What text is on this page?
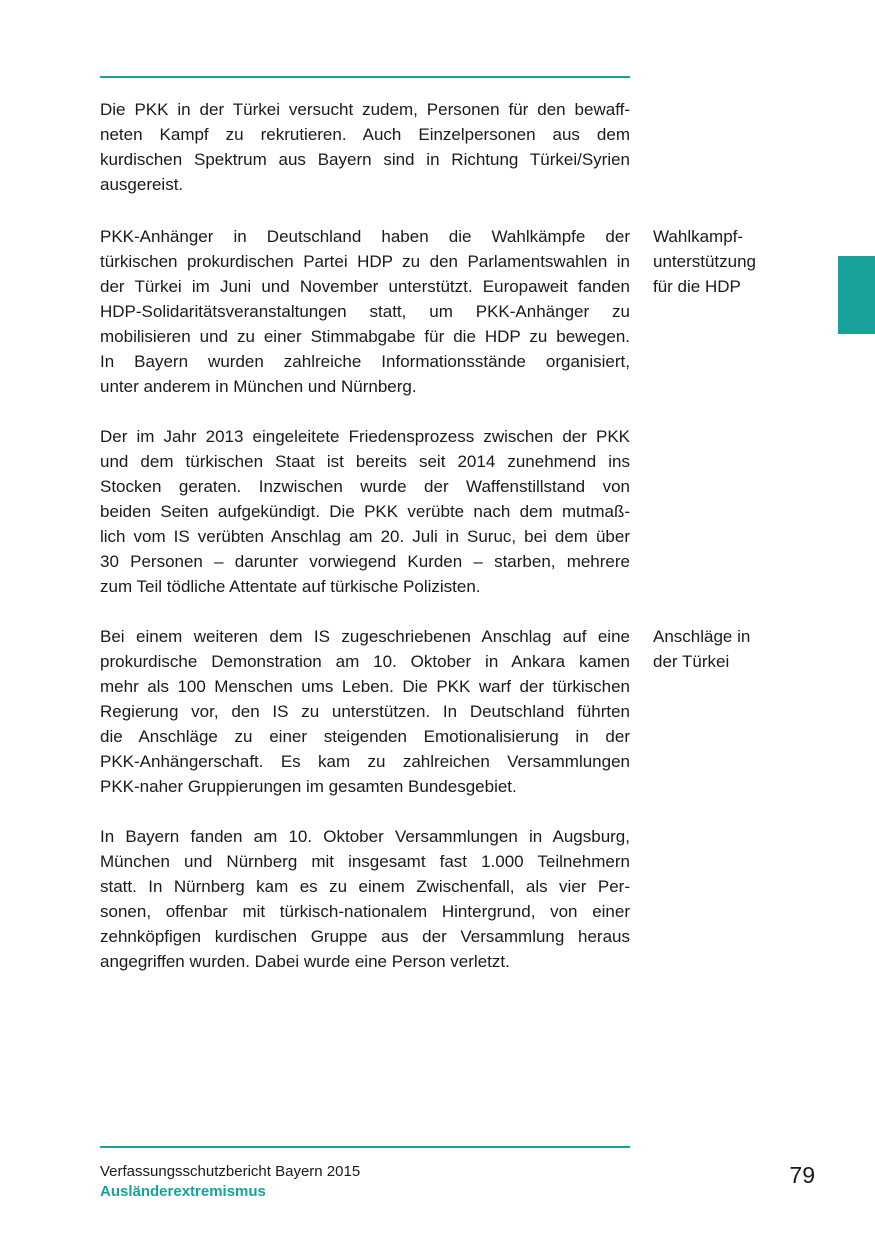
Die PKK in der Türkei versucht zudem, Personen für den bewaff-
neten Kampf zu rekrutieren. Auch Einzelpersonen aus dem
kurdischen Spektrum aus Bayern sind in Richtung Türkei/Syrien
ausgereist.

PKK-Anhänger in Deutschland haben die Wahlkämpfe der
türkischen prokurdischen Partei HDP zu den Parlamentswahlen in
der Türkei im Juni und November unterstützt. Europaweit fanden
HDP-Solidaritätsveranstaltungen statt, um PKK-Anhänger zu
mobilisieren und zu einer Stimmabgabe für die HDP zu bewegen.
In Bayern wurden zahlreiche Informationsstände organisiert,
unter anderem in München und Nürnberg.

Der im Jahr 2013 eingeleitete Friedensprozess zwischen der PKK
und dem türkischen Staat ist bereits seit 2014 zunehmend ins
Stocken geraten. Inzwischen wurde der Waffenstillstand von
beiden Seiten aufgekündigt. Die PKK verübte nach dem mutmaß-
lich vom IS verübten Anschlag am 20. Juli in Suruc, bei dem über
30 Personen – darunter vorwiegend Kurden – starben, mehrere
zum Teil tödliche Attentate auf türkische Polizisten.

Bei einem weiteren dem IS zugeschriebenen Anschlag auf eine
prokurdische Demonstration am 10. Oktober in Ankara kamen
mehr als 100 Menschen ums Leben. Die PKK warf der türkischen
Regierung vor, den IS zu unterstützen. In Deutschland führten
die Anschläge zu einer steigenden Emotionalisierung in der
PKK-Anhängerschaft. Es kam zu zahlreichen Versammlungen
PKK-naher Gruppierungen im gesamten Bundesgebiet.

In Bayern fanden am 10. Oktober Versammlungen in Augsburg,
München und Nürnberg mit insgesamt fast 1.000 Teilnehmern
statt. In Nürnberg kam es zu einem Zwischenfall, als vier Per-
sonen, offenbar mit türkisch-nationalem Hintergrund, von einer
zehnköpfigen kurdischen Gruppe aus der Versammlung heraus
angegriffen wurden. Dabei wurde eine Person verletzt.

Wahlkampf-
unterstützung
für die HDP

Anschläge in
der Türkei

Verfassungsschutzbericht Bayern 2015
Ausländerextremismus
79
